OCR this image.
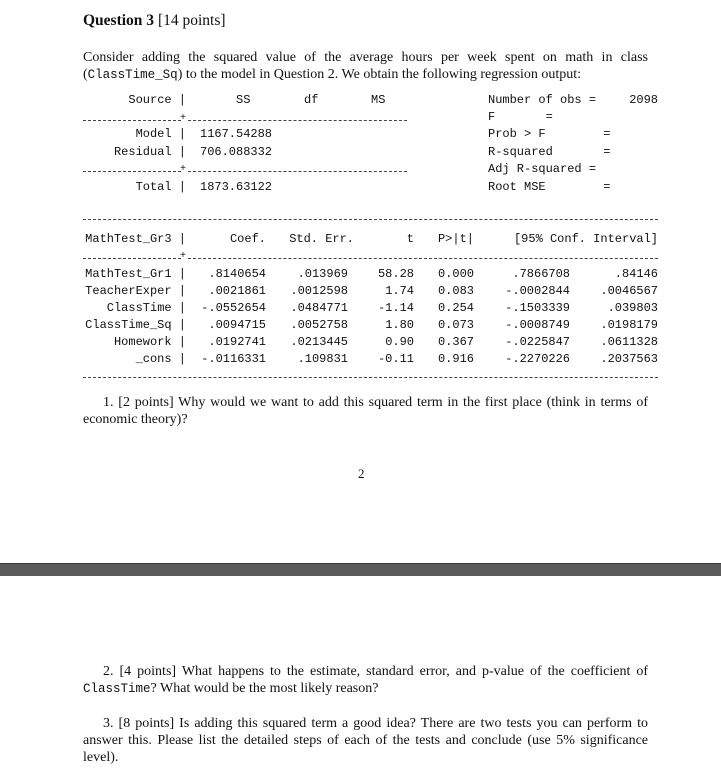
Question 3 [14 points]
Consider adding the squared value of the average hours per week spent on math in class (ClassTime_Sq) to the model in Question 2. We obtain the following regression output:
Source |	SS	df	MS
+
Model | 1167.54288
Residual | 706.088332
+
Total | 1873.63122
Number of obs =	2098
F       =
Prob > F        =
R-squared       =
Adj R-squared =
Root MSE        =
MathTest_Gr3 |	Coef.	Std. Err.	t	P>|t|	[95% Conf. Interval]
+
MathTest_Gr1 |	.8140654	.013969	58.28	0.000	.7866708	.84146
TeacherExper |	.0021861	.0012598	1.74	0.083	-.0002844	.0046567
ClassTime | -.0552654	.0484771	-1.14	0.254	-.1503339	.039803
ClassTime_Sq |	.0094715	.0052758	1.80	0.073	-.0008749	.0198179
Homework |	.0192741	.0213445	0.90	0.367	-.0225847	.0611328
_cons | -.0116331	.109831	-0.11	0.916	-.2270226	.2037563
1. [2 points] Why would we want to add this squared term in the first place (think in terms of economic theory)?
2
2. [4 points] What happens to the estimate, standard error, and p-value of the coefficient of ClassTime? What would be the most likely reason?
3. [8 points] Is adding this squared term a good idea? There are two tests you can perform to answer this. Please list the detailed steps of each of the tests and conclude (use 5% significance level).
